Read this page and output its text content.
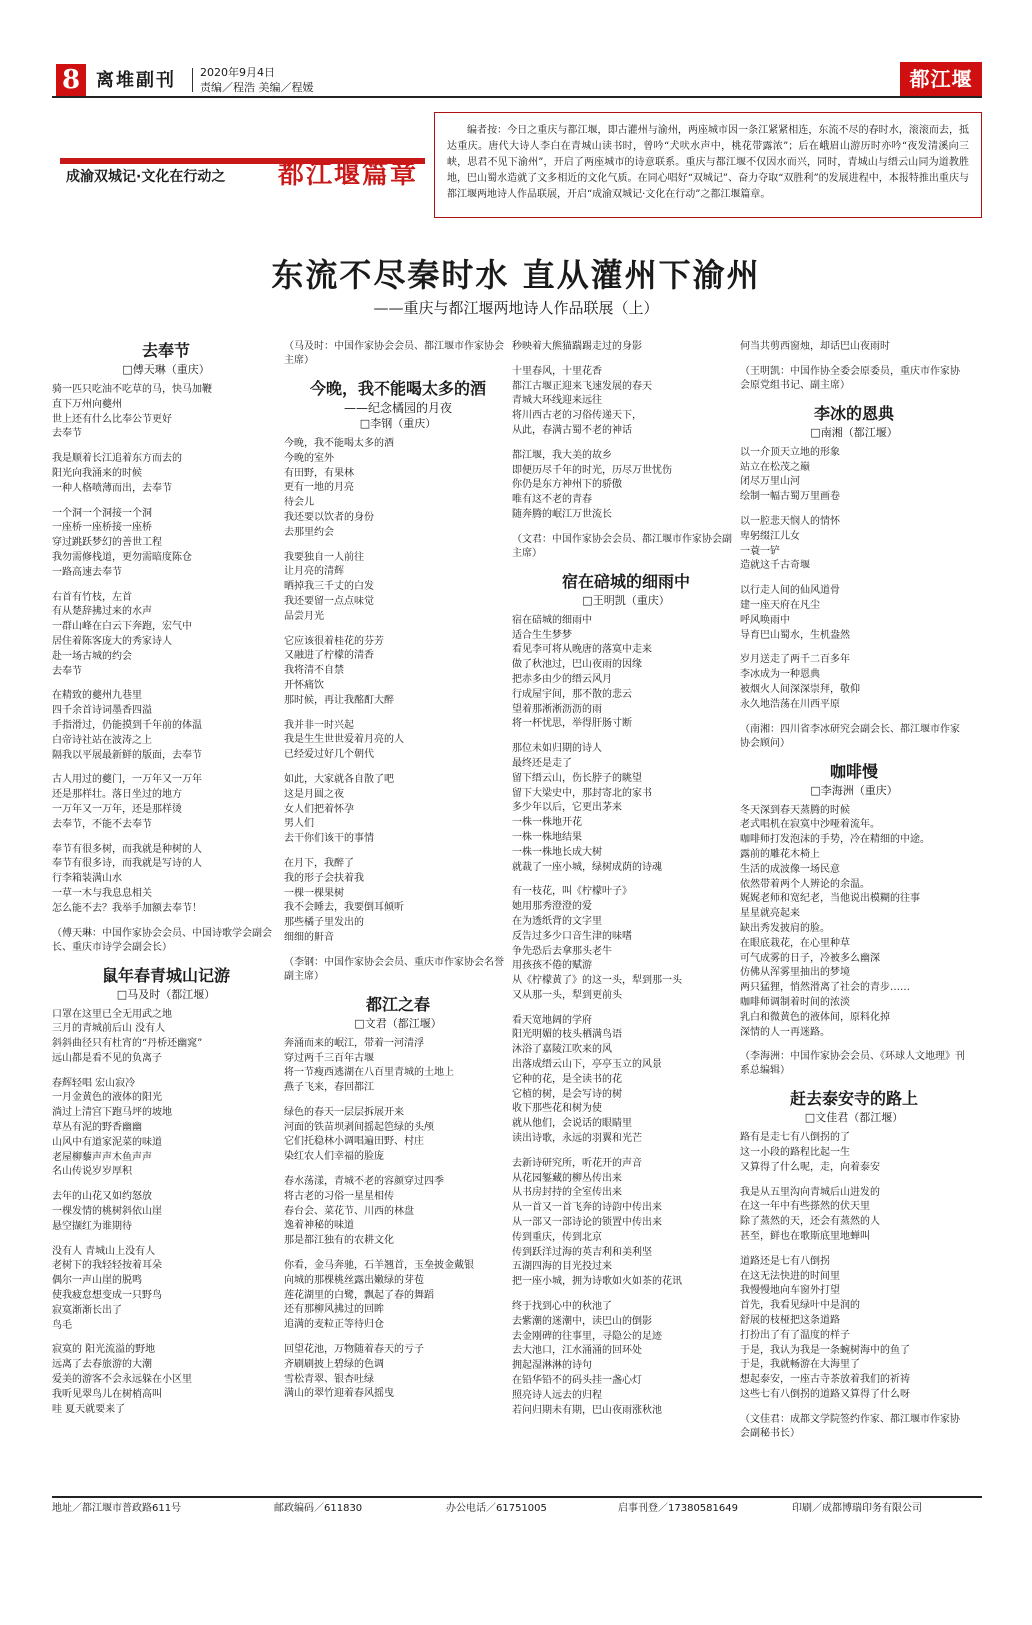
8 离堆副刊 2020年9月4日
责编／程浩 美编／程媛	都江堰报
成渝双城记·文化在行动之 都江堰篇章
编者按：今日之重庆与都江堰，即古灌州与渝州，两座城市因一条江紧紧相连，东流不尽的春时水，滚滚而去，抵达重庆。唐代大诗人李白在青城山读书时，曾吟“犬吠水声中，桃花带露浓”；后在峨眉山游历时亦吟“夜发清溪向三峡，思君不见下渝州”，开启了两座城市的诗意联系。重庆与都江堰不仅因水而兴，同时，青城山与缙云山同为道教胜地，巴山蜀水造就了文多相近的文化气质。在同心唱好“双城记”、奋力夺取“双胜利”的发展进程中，本报特推出重庆与都江堰两地诗人作品联展，开启“成渝双城记·文化在行动”之都江堰篇章。
东流不尽秦时水 直从灌州下渝州
——重庆与都江堰两地诗人作品联展（上）
去奉节
□傅天琳（重庆）
骑一匹只吃油不吃草的马，快马加鞭
直下万州向夔州
世上还有什么比奉公节更好
去奉节
我是顺着长江追着东方而去的
阳光向我涌来的时候
一种人格喷薄而出，去奉节
一个洞一个洞接一个洞
一座桥一座桥接一座桥
穿过跳跃梦幻的善世工程
我勿需修栈道，更勿需暗度陈仓
一路高速去奉节
右首有竹枝，左首
有从楚辞拂过来的水声
一群山峰在白云下奔跑，宏气中
居住着陈客庞大的秀家诗人
赴一场古城的约会
去奉节
在精致的夔州九巷里
四千余首诗词墨香四溢
手指滑过，仍能摸到千年前的体温
白帝诗社站在波涛之上
隔我以平展最新鲜的版面，去奉节
古人用过的夔门，一万年又一万年
还是那样壮。落日坐过的地方
一万年又一万年，还是那样烫
去奉节，不能不去奉节
奉节有很多树，而我就是种树的人
奉节有很多诗，而我就是写诗的人
行李箱装满山水
一草一木与我息息相关
怎么能不去？我举手加额去奉节！
（傅天琳：中国作家协会会员、中国诗歌学会副会长、重庆市诗学会副会长）
鼠年春青城山记游
□马及时（都江堰）
口罩在这里已全无用武之地
三月的青城前后山 没有人
斜斜曲径只有杜宵的“丹桥还幽窕”
远山都是看不见的负离子
春辉轻唱 宏山寂冷
一月金黄色的液体的阳光
淌过上清宫下跑马坪的坡地
草丛有泥的野香幽幽
山风中有道家泥菜的味道
老屋柳藜声声木鱼声声
名山传说岁岁厚积
去年的山花又如约怒放
一棵发情的桃树斜依山崖
悬空撷红为谁期待
没有人 青城山上没有人
老树下的我轻轻按着耳朵
偶尔一声山崖的脱鸣
使我疲怠想变成一只野鸟
寂寞渐渐长出了
鸟毛
寂寞的 阳光流溢的野地
远离了去春旅游的大潮
爱美的游客不会永远躲在小区里
我听见翠鸟儿在树梢高叫
哇 夏天就要来了
（马及时：中国作家协会会员、都江堰市作家协会主席）
今晚，我不能喝太多的酒
——纪念橘园的月夜
□李钢（重庆）
今晚，我不能喝太多的酒
今晚的室外
有田野，有果林
更有一地的月亮
待会儿
我还要以饮者的身份
去那里约会
我要独自一人前往
让月亮的清辉
晒掉我三千丈的白发
我还要留一点点味觉
品尝月光
它应该很着桂花的芬芳
又融进了柠檬的清香
我将清不自禁
开怀痛饮
那时候，再让我酩酊大醉
我并非一时兴起
我是生生世世爱着月亮的人
已经爱过好几个朝代
如此，大家就各自散了吧
这是月圆之夜
女人们把着怀孕
男人们
去干你们该干的事情
在月下，我醉了
我的形子会扶着我
一棵一棵果树
我不会睡去，我要倒耳倾听
那些橘子里发出的
细细的鼾音
（李钢：中国作家协会会员、重庆市作家协会名誉副主席）
都江之春
□文君（都江堰）
奔涌而来的岷江，带着一河清浮
穿过两千三百年古堰
将一节瘦西逃湖在八百里青城的土地上
燕子飞来，春回都江
绿色的春天一层层拆展开来
河面的铁苗坝剥间摇起笆绿的头颅
它们托稳林小调唱遍田野、村庄
染红农人们幸福的脸庞
春水荡漾，青城不老的容颜穿过四季
将古老的习俗一星星相传
春台会、菜花节、川西的林盘
逸着神秘的味道
那是都江独有的农耕文化
你看，金马奔驰，石羊翘首，玉垒披金戴银
向城的那棵桃丝露出嫩绿的芽苞
莲花湖里的白鹭，飘起了春的舞蹈
还有那柳风拂过的回眸
追满的麦粒正等待归仓
回望花池，万物随着春天的亏子
齐刷刷披上碧绿的色调
雪松青翠、银杏吐绿
满山的翠竹迎着春风摇曳
秒映着大熊猫踹踢走过的身影
十里春风，十里花香
都江古堰正迎来飞速发展的春天
青城大环线迎来远往
将川西古老的习俗传递天下，
从此，春满古蜀不老的神话
都江堰，我大美的故乡
即便历尽千年的时光，历尽万世忧伤
你仍是东方神州下的骄傲
唯有这不老的青春
随奔腾的岷江万世流长
（文君：中国作家协会会员、都江堰市作家协会副主席）
宿在碚城的细雨中
□王明凯（重庆）
宿在碚城的细雨中
适合生生梦梦
看见李可将从晚唐的落寞中走来
做了秋池过，巴山夜雨的因缘
把赤多由少的缙云风月
行成屋宇间，那不散的悲云
望着那淅淅沥沥的雨
将一杯忧思，举得肝肠寸断
那位未如归期的诗人
最终还是走了
留下缙云山，伤长脖子的眺望
留下大梁史中，那封寄北的家书
多少年以后，它更出茅来
一株一株地开花
一株一株地结果
一株一株地长成大树
就裁了一座小城，绿树成荫的诗魂
有一枝花，叫《柠檬叶子》
她用那秀澄澄的爱
在为透纸背的文字里
反告过多少口音生津的味嗜
争先恐后去拿那头老牛
用孩孩不倦的赋游
从《柠檬黄了》的这一头，犁到那一头
又从那一头，犁到更前头
看天宽地阔的学府
阳光明媚的枝头栖满鸟语
沐浴了嘉陵江吹来的风
出落成缙云山下，亭亭玉立的风景
它种的花，是全读书的花
它植的树，是会写诗的树
收下那些花和树为使
就从他们，会说话的眼睛里
读出诗歌，永远的羽翼和光芒
去新诗研究所，听花开的声音
从花园錾藏的柳丛传出来
从书房封持的全室传出来
从一首又一首飞奔的诗韵中传出来
从一部又一部诗论的锁置中传出来
传到重庆，传到北京
传到跃洋过海的英吉利和美利坚
五湖四海的目光投过来
把一座小城，拥为诗歌如火如茶的花讯
终于找到心中的秋池了
去紫潮的迷潮中，读巴山的倒影
去金刚碑的往事里，寻隐公的足迹
去大池口，江水涌涌的回环处
拥起湿淋淋的诗句
在铅华铅不的码头挂一盏心灯
照亮诗人远去的归程
若问归期未有期，巴山夜雨涨秋池
何当共剪西窗烛，却话巴山夜雨时
（王明凯：中国作协全委会原委员，重庆市作家协会原党组书记、副主席）
李冰的恩典
□南湘（都江堰）
以一介顶天立地的形象
站立在松茂之巅
闭尽万里山河
绘制一幅古蜀万里画卷
以一腔悲天悯人的情怀
卑躬缀江儿女
一蓑一铲
造就这千古奇堰
以行走人间的仙风道骨
建一座天府在凡尘
呼风唤雨中
导育巴山蜀水，生机盎然
岁月送走了两千二百多年
李冰成为一种恩典
被烟火人间深深崇拜，敬仰
永久地浩荡在川西平原
（南湘：四川省李冰研究会副会长、都江堰市作家协会顾问）
咖啡慢
□李海洲（重庆）
冬天深到春天蒸腾的时候
老式唱机在寂寞中沙哑着流年。
咖啡师打发泡沫的手势，冷在精细的中途。
露前的雕花木椅上
生活的成波像一场民意
依然带着两个人辨论的余温。
娓娓老师和宽纪老，当他说出模糊的往事
星星就亮起来
缺出秀发披肩的脸。
在眼底栽花，在心里种草
可气成雾的日子，冷被多么幽深
仿佛从浑雾里抽出的梦境
两只猛狸，悄然滑离了社会的青步……
咖啡师调制着时间的浓淡
乳白和微黄色的液体间，原料化掉
深情的人一再迷路。
（李海洲：中国作家协会会员、《环球人文地理》刊系总编辑）
赶去泰安寺的路上
□文佳君（都江堰）
路有是走七有八倒拐的了
这一小段的路程比起一生
又算得了什么呢，走，向着泰安
我是从五里沟向青城后山进发的
在这一年中有些搽然的伏天里
除了蒸然的天，还会有蒸然的人
甚至，鲜也在歌斯底里地蝉叫
道路还是七有八倒拐
在这无法快进的时间里
我慢慢地向车窗外打望
首先，我看见绿叶中是润的
舒展的枝桠把这条道路
打扮出了有了温度的样子
于是，我认为我是一条蜿树海中的鱼了
于是，我就畅游在大海里了
想起泰安，一座古寺茶放着我们的祈祷
这些七有八倒拐的道路又算得了什么呀
（文佳君：成都文学院签约作家、都江堰市作家协会副秘书长）
地址／都江堰市普政路611号	邮政编码／611830	办公电话／61751005	启事刊登／17380581649	印刷／成都博瑞印务有限公司
